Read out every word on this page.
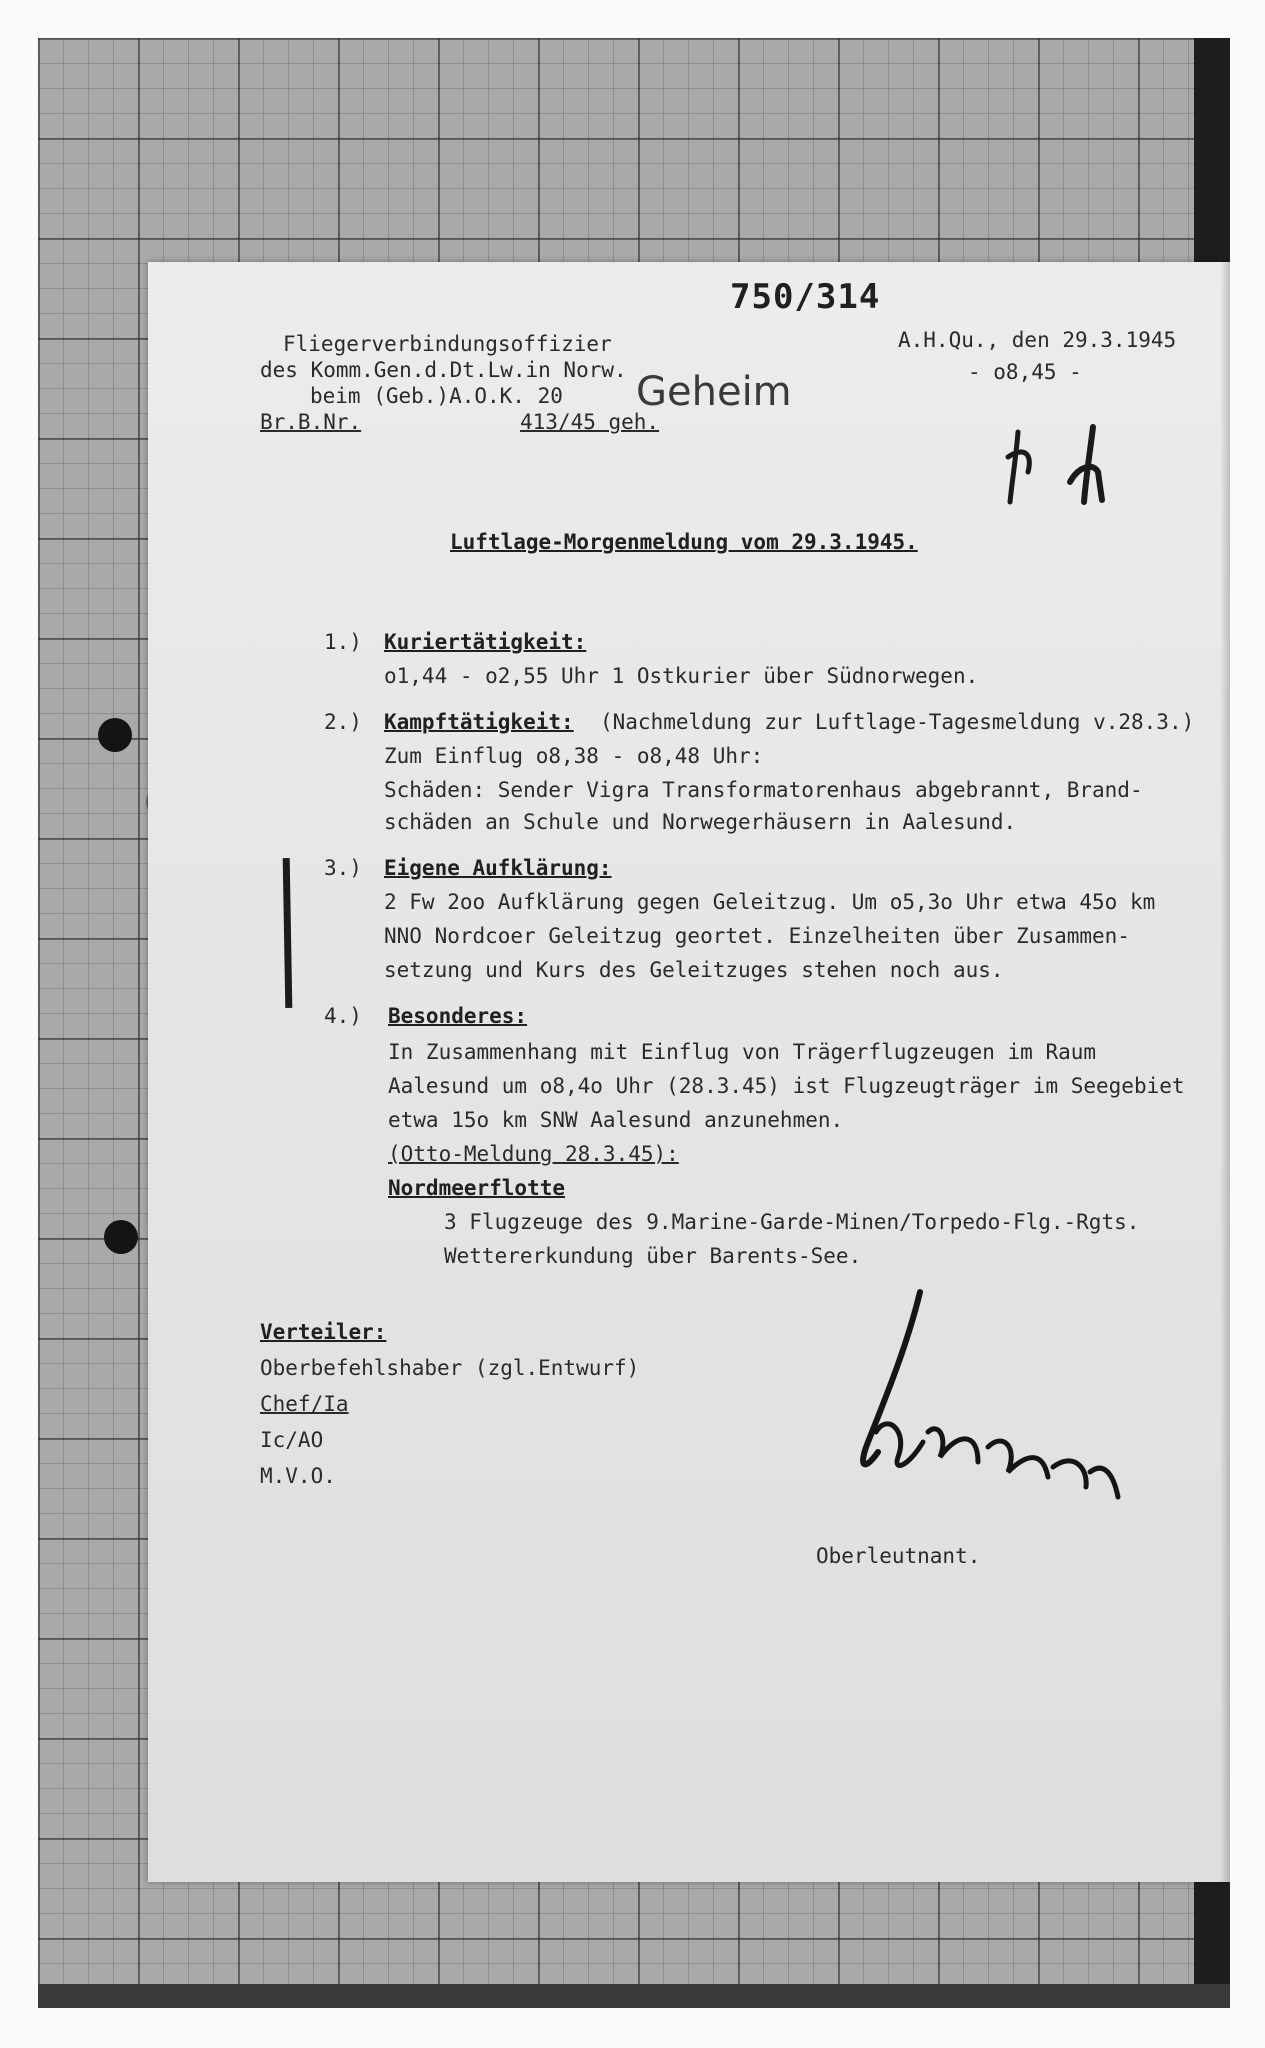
750/314
Fliegerverbindungsoffizier
des Komm.Gen.d.Dt.Lw.in Norw.
beim (Geb.)A.O.K. 20
Br.B.Nr.	413/45 geh.
A.H.Qu., den 29.3.1945
- o8,45 -
Geheim
Luftlage-Morgenmeldung vom 29.3.1945.
1.) Kuriertätigkeit:
o1,44 - o2,55 Uhr 1 Ostkurier über Südnorwegen.
2.) Kampftätigkeit: (Nachmeldung zur Luftlage-Tagesmeldung v.28.3.)
Zum Einflug o8,38 - o8,48 Uhr:
Schäden: Sender Vigra Transformatorenhaus abgebrannt, Brand-
schäden an Schule und Norwegerhäusern in Aalesund.
3.) Eigene Aufklärung:
2 Fw 2oo Aufklärung gegen Geleitzug. Um o5,3o Uhr etwa 45o km
NNO Nordcoer Geleitzug geortet. Einzelheiten über Zusammen-
setzung und Kurs des Geleitzuges stehen noch aus.
4.) Besonderes:
In Zusammenhang mit Einflug von Trägerflugzeugen im Raum
Aalesund um o8,4o Uhr (28.3.45) ist Flugzeugträger im Seegebiet
etwa 15o km SNW Aalesund anzunehmen.
(Otto-Meldung 28.3.45):
Nordmeerflotte
3 Flugzeuge des 9.Marine-Garde-Minen/Torpedo-Flg.-Rgts.
Wettererkundung über Barents-See.
Verteiler:
Oberbefehlshaber (zgl.Entwurf)
Chef/Ia
Ic/AO
M.V.O.
Oberleutnant.
